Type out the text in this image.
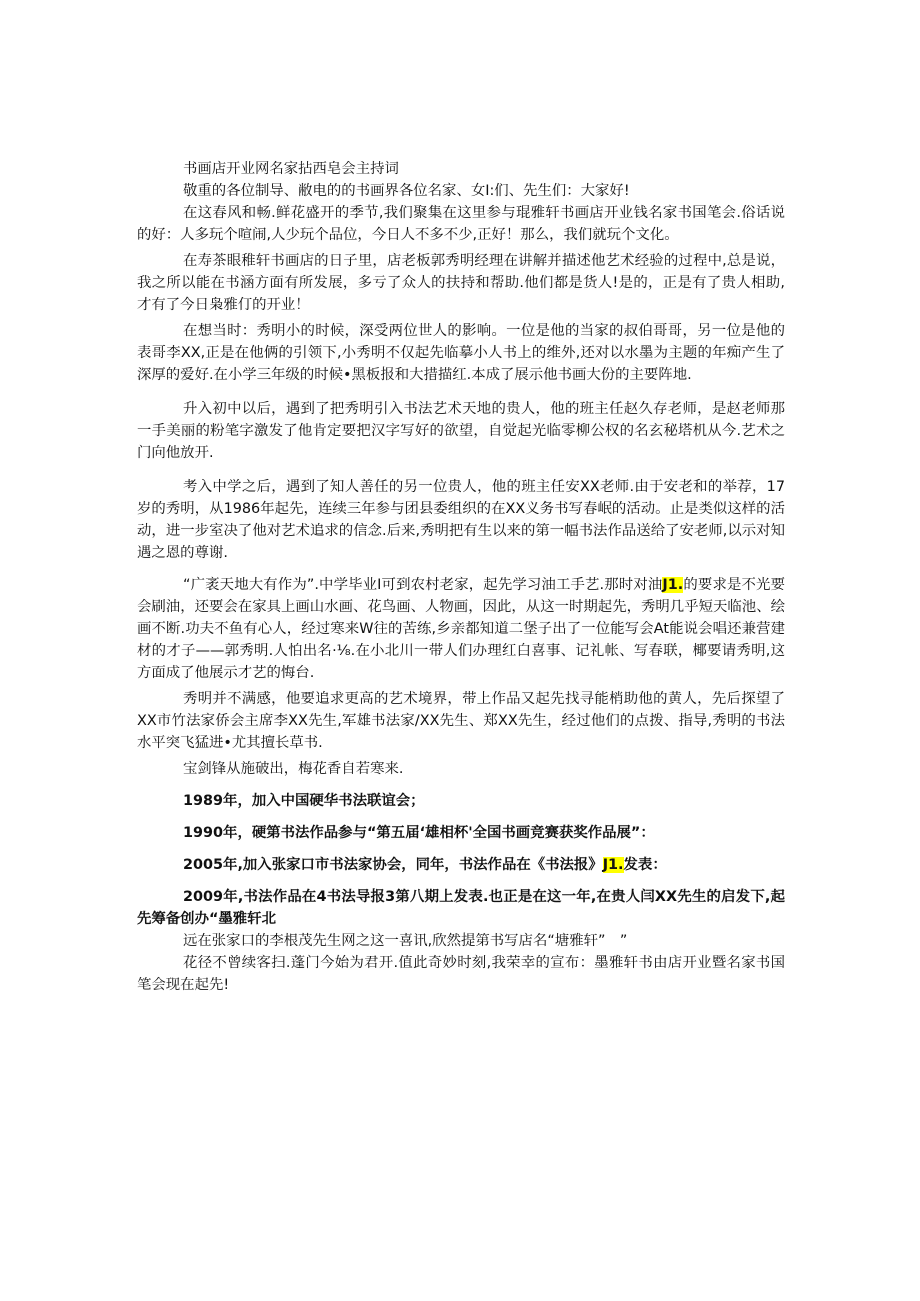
书画店开业网名家拈西皂会主持词

敬重的各位制导、敝电的的书画界各位名家、女I:们、先生们：大家好!

在这春风和畅.鲜花盛开的季节,我们聚集在这里参与琨雅轩书画店开业钱名家书国笔会.俗话说的好：人多玩个喧闹,人少玩个品位，今日人不多不少,正好！那么，我们就玩个文化。

在寿茶眼稚轩书画店的日子里，店老板郭秀明经理在讲解并描述他艺术经验的过程中,总是说，我之所以能在书涵方面有所发展，多亏了众人的扶持和帮助.他们都是货人!是的，正是有了贵人相助,才有了今日枭雅仃的开业！

在想当时：秀明小的时候，深受两位世人的影响。一位是他的当家的叔伯哥哥，另一位是他的表哥李XX,正是在他俩的引领下,小秀明不仅起先临摹小人书上的维外,还对以水墨为主题的年痴产生了深厚的爱好.在小学三年级的时候•黑板报和大措描红.本成了展示他书画大份的主要阵地.

升入初中以后，遇到了把秀明引入书法艺术天地的贵人，他的班主任赵久存老师，是赵老师那一手美丽的粉笔字激发了他肯定要把汉字写好的欲望，自觉起光临零柳公权的名玄秘塔机从今.艺术之门向他放开.

考入中学之后，遇到了知人善任的另一位贵人，他的班主任安XX老师.由于安老和的举荐，17岁的秀明，从1986年起先，连续三年参与团县委组织的在XX义务书写春岷的活动。止是类似这样的活动，进一步室决了他对艺术追求的信念.后来,秀明把有生以来的第一幅书法作品送给了安老师,以示对知遇之恩的尊谢.

“广袤天地大有作为”.中学毕业I可到农村老家，起先学习油工手艺.那时对油J1.的要求是不光要会刷油，还要会在家具上画山水画、花鸟画、人物画，因此，从这一时期起先，秀明几乎短天临池、绘画不断.功夫不鱼有心人，经过寒来W往的苦练,乡亲都知道二堡子出了一位能写会At能说会唱还兼营建材的才子——郭秀明.人怕出名·⅛.在小北川一带人们办理红白喜事、记礼帐、写春联，椰要请秀明,这方面成了他展示才艺的悔台.

秀明并不满感，他要追求更高的艺术境界，带上作品又起先找寻能梢助他的黄人，先后探望了XX市竹法家侨会主席李XX先生,军雄书法家/XX先生、郑XX先生，经过他们的点拨、指导,秀明的书法水平突飞猛进•尤其擅长草书.

宝剑锋从施破出，梅花香自若寒来.

1989年，加入中国硬华书法联谊会；

1990年，硬第书法作品参与“第五届‘雄相杯'全国书画竞赛获奖作品展”：

2005年,加入张家口市书法家协会，同年，书法作品在《书法报》J1.发表：

2009年,书法作品在4书法导报3第八期上发表.也正是在这一年,在贵人闫XX先生的启发下,起先筹备创办“墨雅轩北

远在张家口的李根茂先生网之这一喜讯,欣然提第书写店名“塘雅轩”　”

花径不曾续客扫.蓬门今始为君开.值此奇妙时刻,我荣幸的宣布：墨雅轩书由店开业暨名家书国笔会现在起先!
